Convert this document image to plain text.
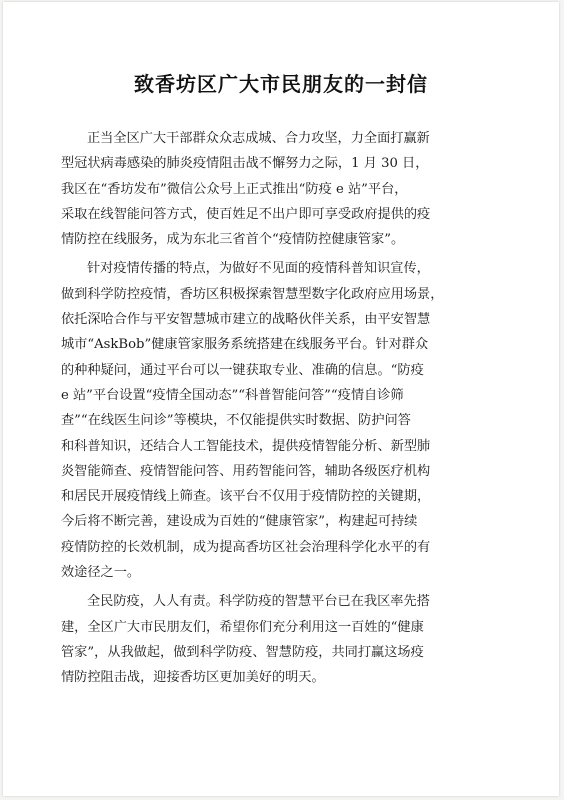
致香坊区广大市民朋友的一封信
正当全区广大干部群众众志成城、合力攻坚，力全面打赢新
型冠状病毒感染的肺炎疫情阻击战不懈努力之际，1 月 30 日，
我区在“香坊发布”微信公众号上正式推出“防疫 e 站”平台，
采取在线智能问答方式，使百姓足不出户即可享受政府提供的疫
情防控在线服务，成为东北三省首个“疫情防控健康管家”。
针对疫情传播的特点，为做好不见面的疫情科普知识宣传，
做到科学防控疫情，香坊区积极探索智慧型数字化政府应用场景，
依托深哈合作与平安智慧城市建立的战略伙伴关系，由平安智慧
城市“AskBob”健康管家服务系统搭建在线服务平台。针对群众
的种种疑问，通过平台可以一键获取专业、准确的信息。“防疫
e 站”平台设置“疫情全国动态”“科普智能问答”“疫情自诊筛
查”“在线医生问诊”等模块，不仅能提供实时数据、防护问答
和科普知识，还结合人工智能技术，提供疫情智能分析、新型肺
炎智能筛查、疫情智能问答、用药智能问答，辅助各级医疗机构
和居民开展疫情线上筛查。该平台不仅用于疫情防控的关键期，
今后将不断完善，建设成为百姓的“健康管家”，构建起可持续
疫情防控的长效机制，成为提高香坊区社会治理科学化水平的有
效途径之一。
全民防疫，人人有责。科学防疫的智慧平台已在我区率先搭
建，全区广大市民朋友们，希望你们充分利用这一百姓的“健康
管家”，从我做起，做到科学防疫、智慧防疫，共同打赢这场疫
情防控阻击战，迎接香坊区更加美好的明天。
